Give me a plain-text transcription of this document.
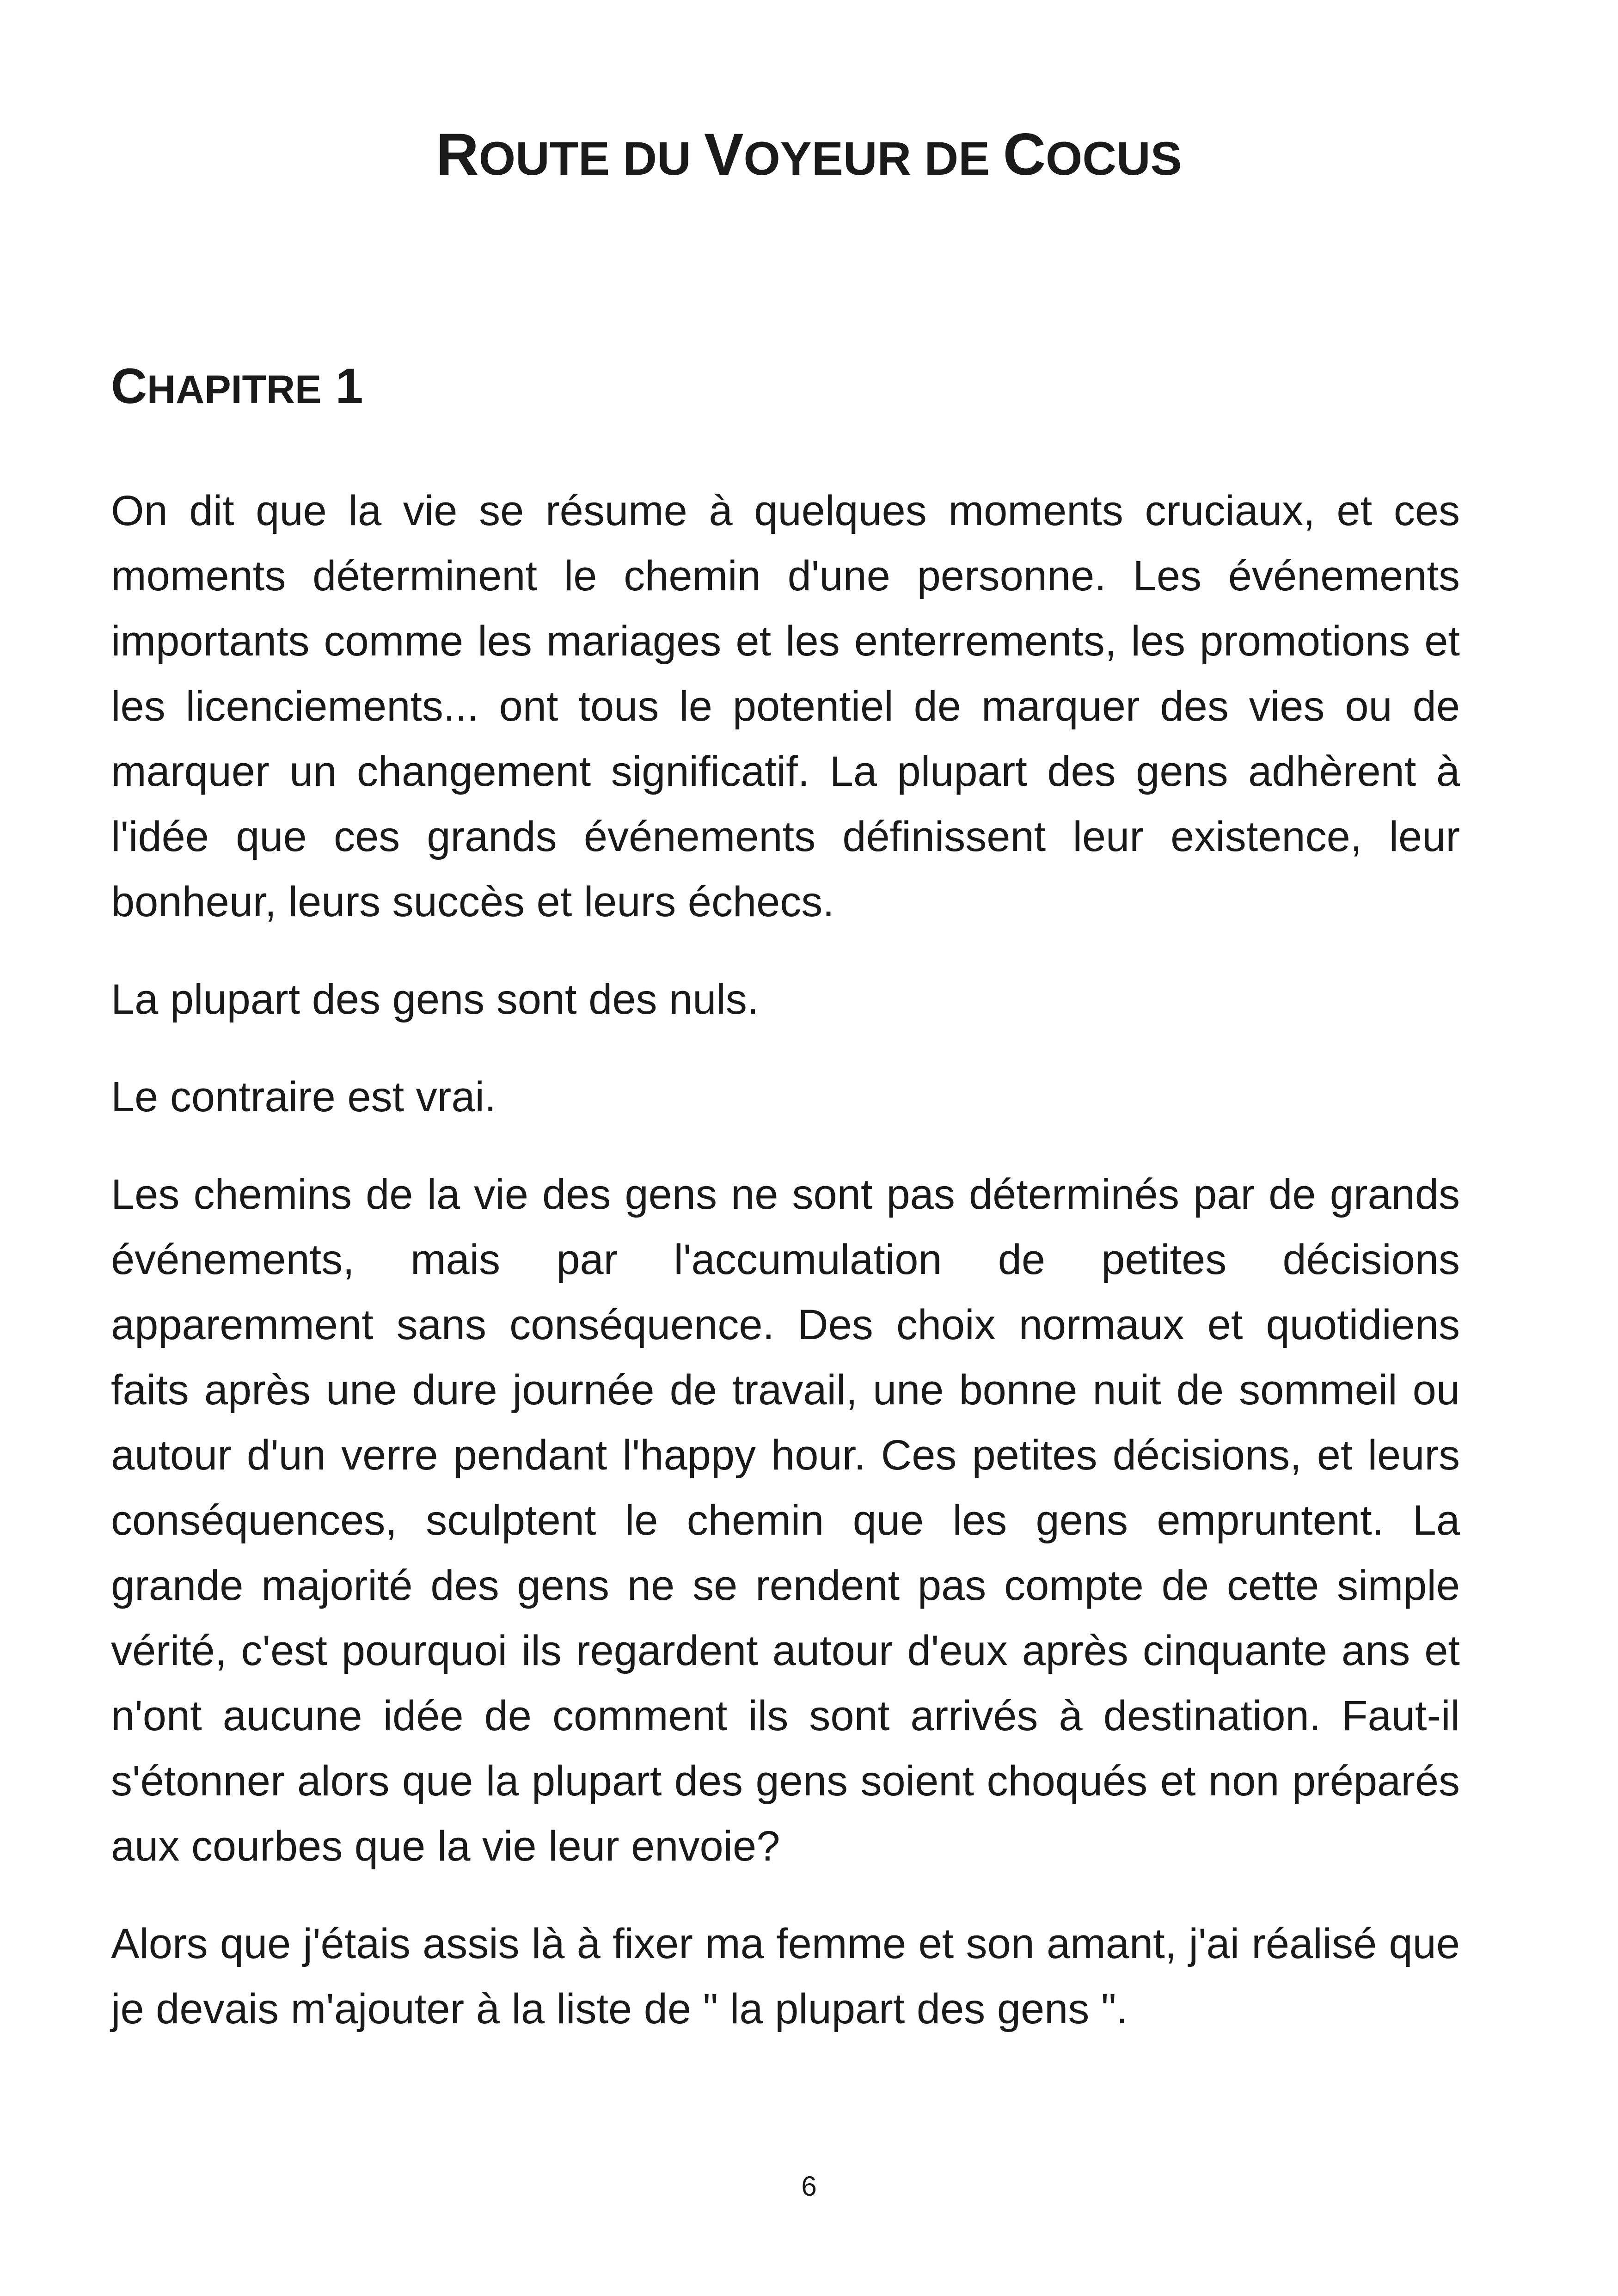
ROUTE DU VOYEUR DE COCUS
CHAPITRE 1

On dit que la vie se résume à quelques moments cruciaux, et ces moments déterminent le chemin d'une personne. Les événements importants comme les mariages et les enterrements, les promotions et les licenciements... ont tous le potentiel de marquer des vies ou de marquer un changement significatif. La plupart des gens adhèrent à l'idée que ces grands événements définissent leur existence, leur bonheur, leurs succès et leurs échecs.

La plupart des gens sont des nuls.

Le contraire est vrai.

Les chemins de la vie des gens ne sont pas déterminés par de grands événements, mais par l'accumulation de petites décisions apparemment sans conséquence. Des choix normaux et quotidiens faits après une dure journée de travail, une bonne nuit de sommeil ou autour d'un verre pendant l'happy hour. Ces petites décisions, et leurs conséquences, sculptent le chemin que les gens empruntent. La grande majorité des gens ne se rendent pas compte de cette simple vérité, c'est pourquoi ils regardent autour d'eux après cinquante ans et n'ont aucune idée de comment ils sont arrivés à destination. Faut-il s'étonner alors que la plupart des gens soient choqués et non préparés aux courbes que la vie leur envoie?

Alors que j'étais assis là à fixer ma femme et son amant, j'ai réalisé que je devais m'ajouter à la liste de " la plupart des gens ".

6
